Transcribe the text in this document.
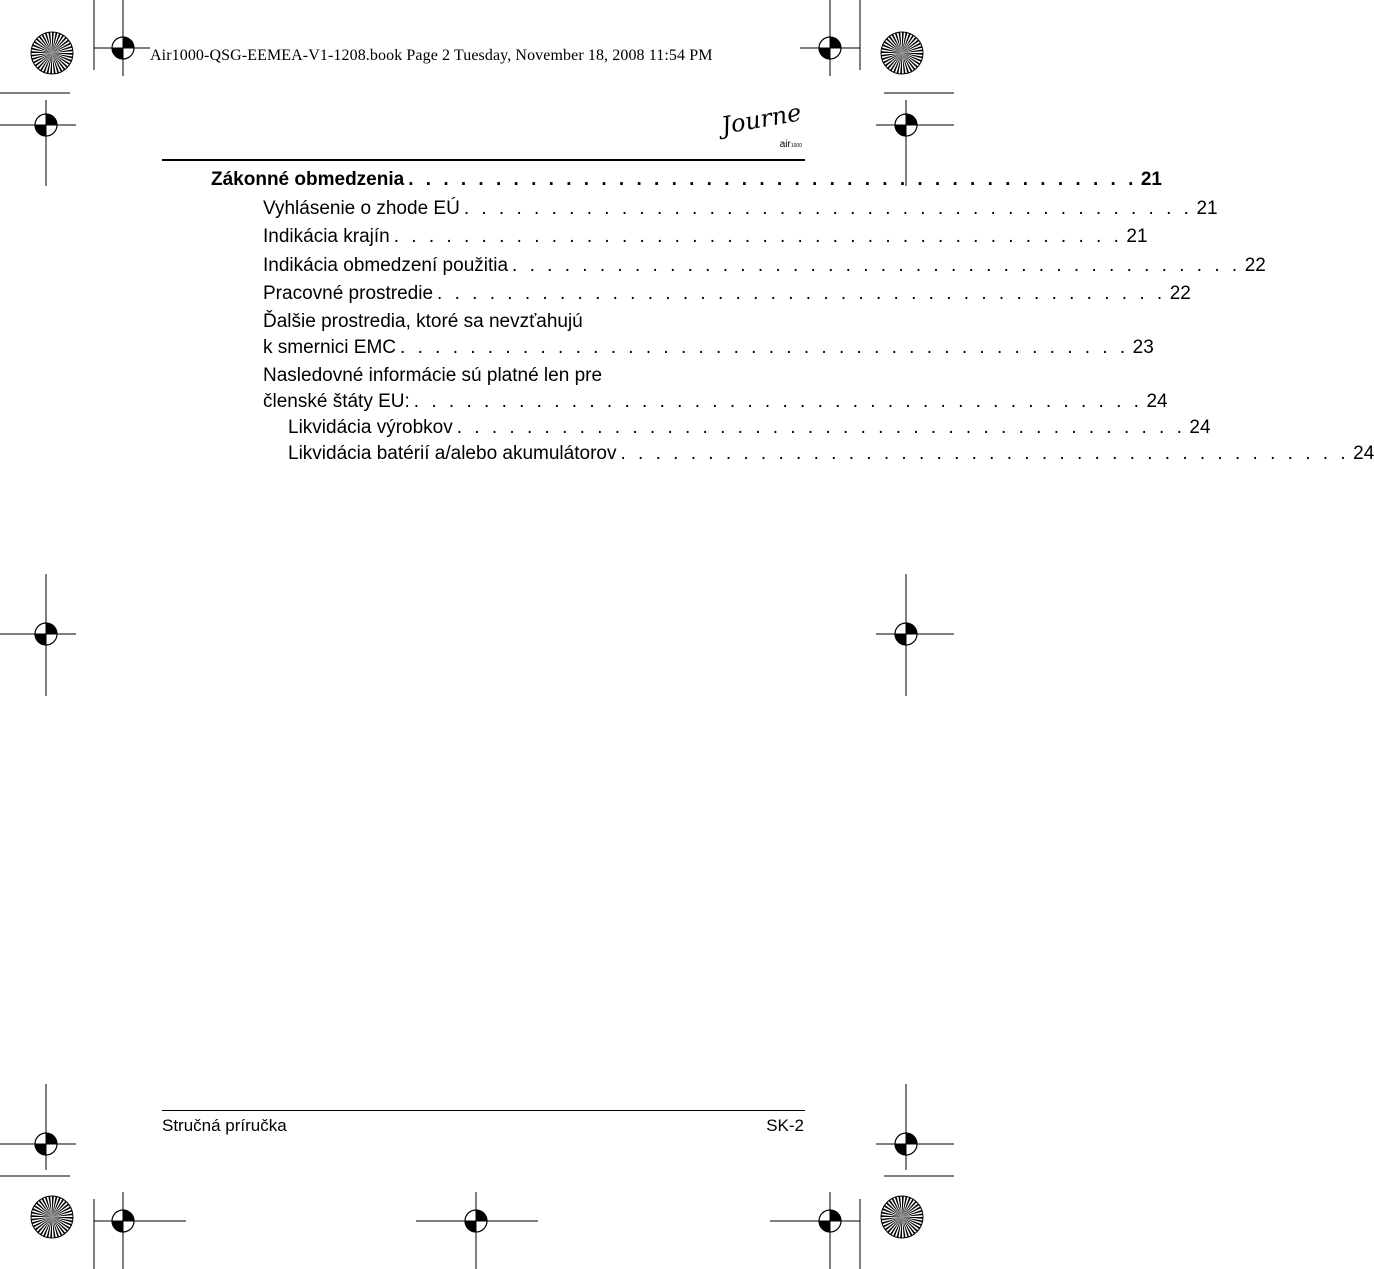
Air1000-QSG-EEMEA-V1-1208.book Page 2 Tuesday, November 18, 2008 11:54 PM
Journe
air1000
Zákonné obmedzenia . . . . . . . . . . . . . . . . . . . . . . . . . . . . . . . . . . . . . . . . . . 21
Vyhlásenie o zhode EÚ . . . . . . . . . . . . . . . . . . . . . . . . . . . . . . . . . . . . . . . . . . 21
Indikácia krajín . . . . . . . . . . . . . . . . . . . . . . . . . . . . . . . . . . . . . . . . . . 21
Indikácia obmedzení použitia . . . . . . . . . . . . . . . . . . . . . . . . . . . . . . . . . . . . . . . . . . 22
Pracovné prostredie . . . . . . . . . . . . . . . . . . . . . . . . . . . . . . . . . . . . . . . . . . 22
Ďalšie prostredia, ktoré sa nevzťahujú
k smernici EMC . . . . . . . . . . . . . . . . . . . . . . . . . . . . . . . . . . . . . . . . . . 23
Nasledovné informácie sú platné len pre
členské štáty EU: . . . . . . . . . . . . . . . . . . . . . . . . . . . . . . . . . . . . . . . . . . 24
Likvidácia výrobkov . . . . . . . . . . . . . . . . . . . . . . . . . . . . . . . . . . . . . . . . . . 24
Likvidácia batérií a/alebo akumulátorov . . . . . . . . . . . . . . . . . . . . . . . . . . . . . . . . . . . . . . . . . . 24
Stručná príručka	SK-2
